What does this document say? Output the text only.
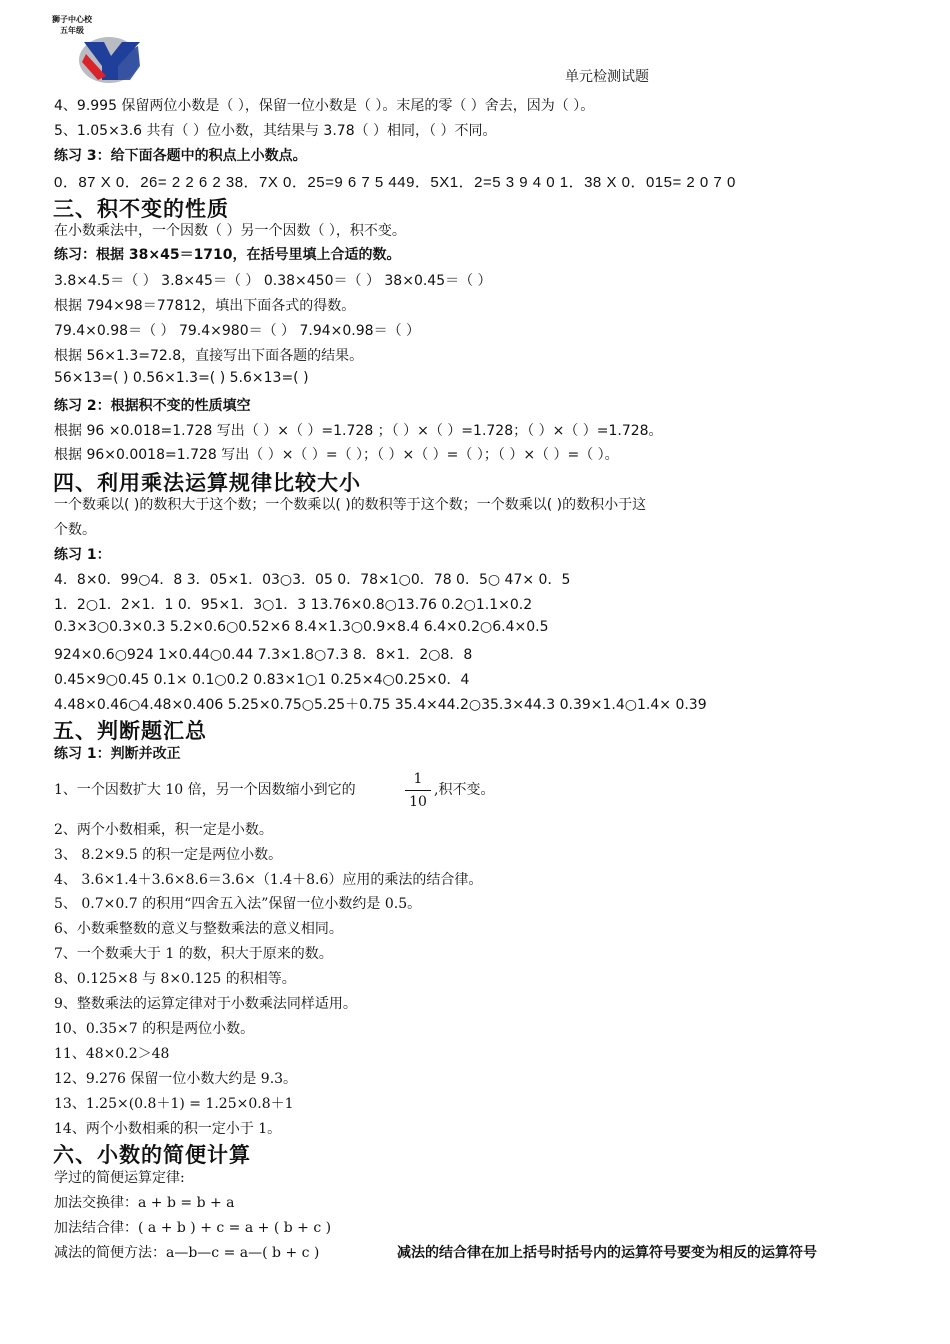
狮子中心校
五年级
单元检测试题
4、9.995 保留两位小数是（ ），保留一位小数是（ ）。末尾的零（ ）舍去，因为（ ）。
5、1.05×3.6 共有（ ）位小数，其结果与 3.78（ ）相同，（ ）不同。
练习 3：给下面各题中的积点上小数点。
0．87 X 0．26= 2 2 6 2 38．7X 0．25=9 6 7 5 449．5X1．2=5 3 9 4 0 1．38 X 0．015= 2 0 7 0
三、积不变的性质
在小数乘法中，一个因数（ ）另一个因数（ ），积不变。
练习：根据 38×45＝1710，在括号里填上合适的数。
3.8×4.5＝（ ） 3.8×45＝（ ） 0.38×450＝（ ） 38×0.45＝（ ）
根据 794×98＝77812，填出下面各式的得数。
79.4×0.98＝（ ） 79.4×980＝（ ） 7.94×0.98＝（ ）
根据 56×1.3=72.8，直接写出下面各题的结果。
56×13=( ) 0.56×1.3=( ) 5.6×13=( )
练习 2：根据积不变的性质填空
根据 96 ×0.018=1.728 写出（ ）×（ ）=1.728 ；（ ）×（ ）=1.728；（ ）×（ ）=1.728。
根据 96×0.0018=1.728 写出（ ）×（ ）=（ ）；（ ）×（ ）=（ ）；（ ）×（ ）=（ ）。
四、利用乘法运算规律比较大小
一个数乘以( )的数积大于这个数；一个数乘以( )的数积等于这个数；一个数乘以( )的数积小于这
个数。
练习 1：
4．8×0．99○4．8 3．05×1．03○3．05 0．78×1○0．78 0．5○ 47× 0．5
1．2○1．2×1．1 0．95×1．3○1．3 13.76×0.8○13.76 0.2○1.1×0.2
0.3×3○0.3×0.3 5.2×0.6○0.52×6 8.4×1.3○0.9×8.4 6.4×0.2○6.4×0.5
924×0.6○924 1×0.44○0.44 7.3×1.8○7.3 8．8×1．2○8．8
0.45×9○0.45 0.1× 0.1○0.2 0.83×1○1 0.25×4○0.25×0．4
4.48×0.46○4.48×0.406 5.25×0.75○5.25＋0.75 35.4×44.2○35.3×44.3 0.39×1.4○1.4× 0.39
五、判断题汇总
练习 1：判断并改正
1、一个因数扩大 10 倍，另一个因数缩小到它的
1
10
,积不变。
2、两个小数相乘，积一定是小数。
3、 8.2×9.5 的积一定是两位小数。
4、 3.6×1.4＋3.6×8.6＝3.6×（1.4＋8.6）应用的乘法的结合律。
5、 0.7×0.7 的积用“四舍五入法”保留一位小数约是 0.5。
6、小数乘整数的意义与整数乘法的意义相同。
7、一个数乘大于 1 的数，积大于原来的数。
8、0.125×8 与 8×0.125 的积相等。
9、整数乘法的运算定律对于小数乘法同样适用。
10、0.35×7 的积是两位小数。
11、48×0.2＞48
12、9.276 保留一位小数大约是 9.3。
13、1.25×(0.8＋1) = 1.25×0.8＋1
14、两个小数相乘的积一定小于 1。
六、小数的简便计算
学过的简便运算定律:
加法交换律：a + b = b + a
加法结合律：( a + b ) + c = a + ( b + c )
减法的简便方法：a—b—c = a—( b + c )	减法的结合律在加上括号时括号内的运算符号要变为相反的运算符号
